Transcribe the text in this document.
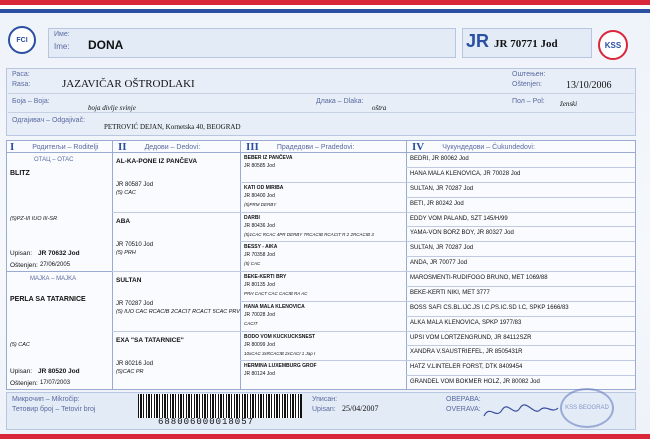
FCI
KSS
Име:
Ime: DONA	JR JR 70771 Jod
Раса:
Rasa:	JAZAVIČAR OŠTRODLAKI
Оштењен:
Oštenjen: 13/10/2006
Боја – Boja:
boja divlje svinje
Длака – Dlaka:
oštra
Пол – Pol: ženski
Одгајивач – Odgajivač:
PETROVIĆ DEJAN, Kornetska 40, BEOGRAD
I	Родитељи – Roditelji II	Дедови – Dedovi:	III	Прадедови – Pradedovi:	IV	Чукундедови – Čukundedovi:
ОТАЦ – OTAC
BLITZ
(5)PZ-III IUO III-SR
Upisan: JR 70632 Jod
Oštenjen: 27/06/2005
МАЈКА – MAJKA
PERLA SA TATARNICE
(5) CAC
Upisan: JR 80520 Jod
Oštenjen: 17/07/2003
Микрочип – Mikročip:
Тетовир број – Tetovir broj
688006000018057
Уписан:
Upisan: 25/04/2007
ОВЕРАВА:
OVERAVA:	KSS BEOGRAD
AL-KA-PONE IZ PANČEVA
JR 80587 Jod
(5) CAC
ABA
JR 70510 Jod
(5) PRH
SULTAN
JR 70287 Jod
(5) IUO CAC RCACIB 2CACIT RCACT 5CAC PRV
EXA "SA TATARNICE"
JR 80216 Jod
(5)CAC PR
BEBER IZ PANČEVA
JR 80585 Jod
KATI OD MIRIBA
JR 80400 Jod
(5)PRM DERBY
DARBI
JR 80436 Jod
(5)1CAC RCAC 4PR DERBY 7RCACIB RCACIT R 2 2RCACIB 3
BESSY - AIKA
JR 70358 Jod
(5) CAC
BEKE-KERTI BRY
JR 80135 Jod
PRH CACT CAC CACIB RA AC
HANA MALA KLENOVICA
JR 70028 Jod
CACIT
BODO VOM KUCKUCKSNEST
JR 80099 Jod
10xCAC 3xRCACIB 2xCACI 1 Jap I
HERMINA LUXEMBURG GROF
JR 80124 Jod
BEDRI, JR 80062 Jod
HANA MALA KLENOVICA, JR 70028 Jod
SULTAN, JR 70287 Jod
BETI, JR 80242 Jod
EDDY VOM PALAND, SZT 145/H/99
YAMA-VON BORZ BOY, JR 80327 Jod
SULTAN, JR 70287 Jod
ANDA, JR 70077 Jod
MAROSMENTI-RUDIFOGO BRUNO, MET 1069/88
BEKE-KERTI NIKI, MET 3777
BOSS SAFI CS.BL.IJC.JS I.C.PS.IC.SD I.C, SPKP 1666/83
ALKA MALA KLENOVICA, SPKP 1977/83
UPSI VOM LORTZENGRUND, JR 84112SZR
XANDRA V.SAUSTRIEFEL, JR 8505431R
HATZ V.LINTELER FORST, DTK 8409454
GRANDEL VOM BOKMER HOLZ, JR 80082 Jod
